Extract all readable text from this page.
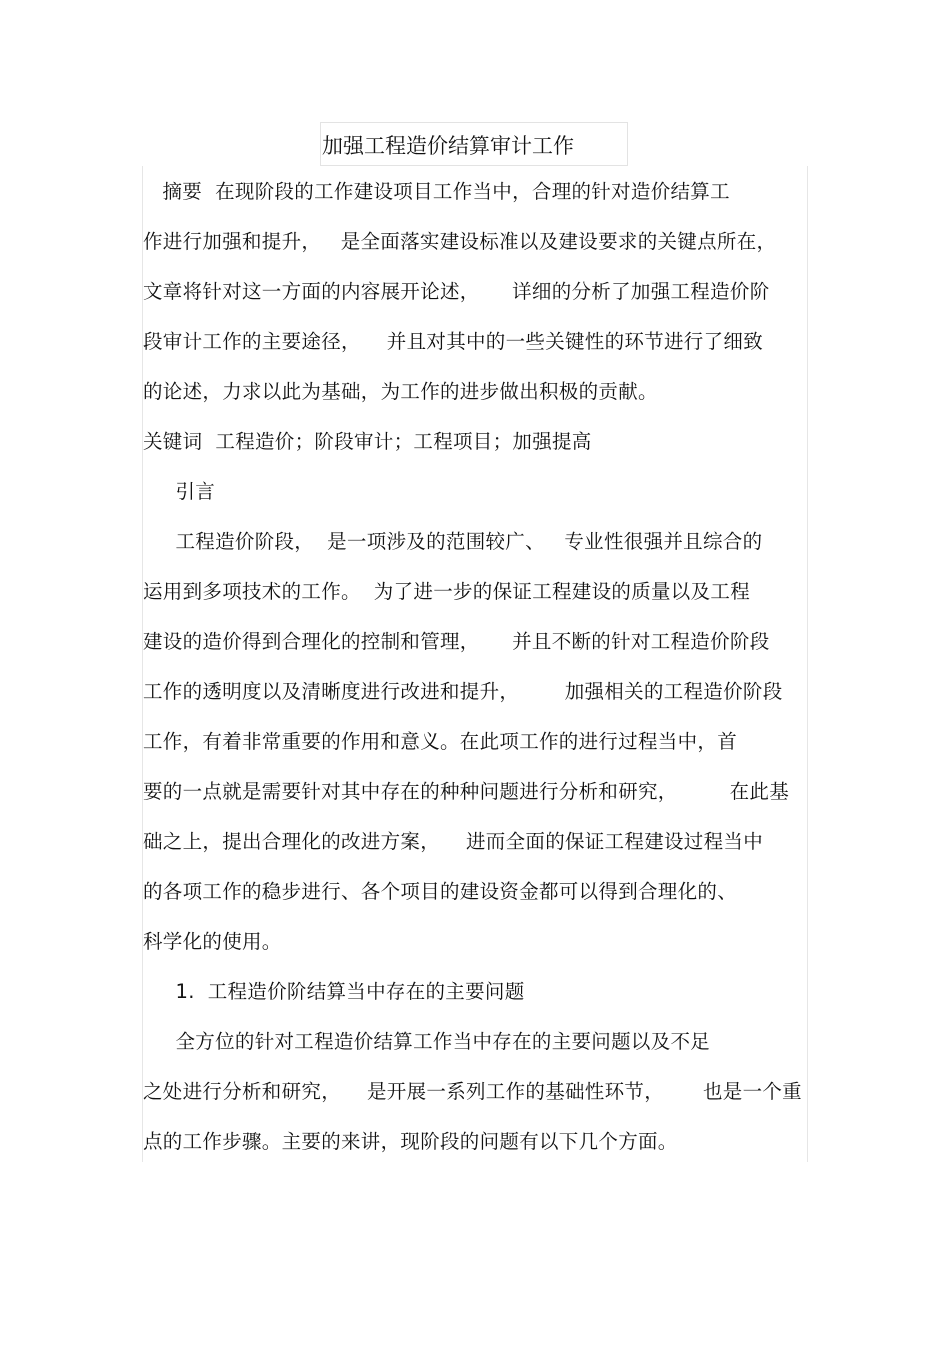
加强工程造价结算审计工作
摘要  在现阶段的工作建设项目工作当中，合理的针对造价结算工
作进行加强和提升，   是全面落实建设标准以及建设要求的关键点所在，
文章将针对这一方面的内容展开论述，     详细的分析了加强工程造价阶
段审计工作的主要途径，    并且对其中的一些关键性的环节进行了细致
的论述，力求以此为基础，为工作的进步做出积极的贡献。
关键词  工程造价；阶段审计；工程项目；加强提高
引言
工程造价阶段，  是一项涉及的范围较广、   专业性很强并且综合的
运用到多项技术的工作。  为了进一步的保证工程建设的质量以及工程
建设的造价得到合理化的控制和管理，     并且不断的针对工程造价阶段
工作的透明度以及清晰度进行改进和提升，       加强相关的工程造价阶段
工作，有着非常重要的作用和意义。在此项工作的进行过程当中，首
要的一点就是需要针对其中存在的种种问题进行分析和研究，        在此基
础之上，提出合理化的改进方案，    进而全面的保证工程建设过程当中
的各项工作的稳步进行、各个项目的建设资金都可以得到合理化的、
科学化的使用。
1.  工程造价阶结算当中存在的主要问题
全方位的针对工程造价结算工作当中存在的主要问题以及不足
之处进行分析和研究，    是开展一系列工作的基础性环节，      也是一个重
点的工作步骤。主要的来讲，现阶段的问题有以下几个方面。
